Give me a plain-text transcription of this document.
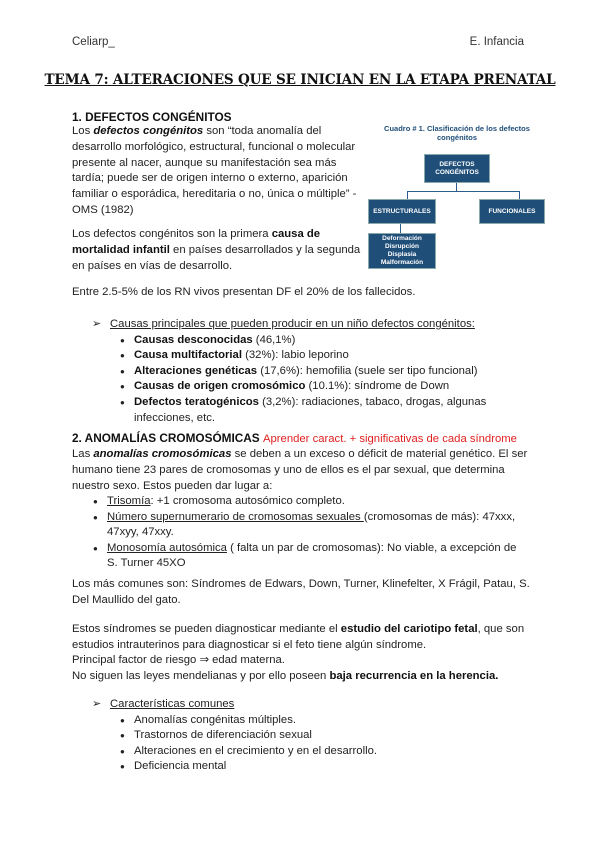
Celiarp_	E. Infancia
TEMA 7: ALTERACIONES QUE SE INICIAN EN LA ETAPA PRENATAL
1. DEFECTOS CONGÉNITOS
Los defectos congénitos son “toda anomalía del desarrollo morfológico, estructural, funcional o molecular presente al nacer, aunque su manifestación sea más tardía; puede ser de origen interno o externo, aparición familiar o esporádica, hereditaria o no, única o múltiple” - OMS (1982)
Los defectos congénitos son la primera causa de mortalidad infantil en países desarrollados y la segunda en países en vías de desarrollo.
Entre 2.5-5% de los RN vivos presentan DF el 20% de los fallecidos.
Cuadro # 1. Clasificación de los defectos congénitos
DEFECTOS
CONGÉNITOS
ESTRUCTURALES	FUNCIONALES
Deformación
Disrupción
Displasia
Malformación
➢ Causas principales que pueden producir en un niño defectos congénitos:
● Causas desconocidas (46,1%)
● Causa multifactorial (32%): labio leporino
● Alteraciones genéticas (17,6%): hemofilia (suele ser tipo funcional)
● Causas de origen cromosómico (10.1%): síndrome de Down
● Defectos teratogénicos (3,2%): radiaciones, tabaco, drogas, algunas infecciones, etc.
2. ANOMALÍAS CROMOSÓMICAS Aprender caract. + significativas de cada síndrome
Las anomalías cromosómicas se deben a un exceso o déficit de material genético. El ser humano tiene 23 pares de cromosomas y uno de ellos es el par sexual, que determina nuestro sexo. Estos pueden dar lugar a:
● Trisomía: +1 cromosoma autosómico completo.
● Número supernumerario de cromosomas sexuales (cromosomas de más): 47xxx, 47xyy, 47xxy.
● Monosomía autosómica ( falta un par de cromosomas): No viable, a excepción de S. Turner 45XO
Los más comunes son: Síndromes de Edwars, Down, Turner, Klinefelter, X Frágil, Patau, S. Del Maullido del gato.
Estos síndromes se pueden diagnosticar mediante el estudio del cariotipo fetal, que son estudios intrauterinos para diagnosticar si el feto tiene algún síndrome.
Principal factor de riesgo ⇒ edad materna.
No siguen las leyes mendelianas y por ello poseen baja recurrencia en la herencia.
➢ Características comunes
● Anomalías congénitas múltiples.
● Trastornos de diferenciación sexual
● Alteraciones en el crecimiento y en el desarrollo.
● Deficiencia mental
